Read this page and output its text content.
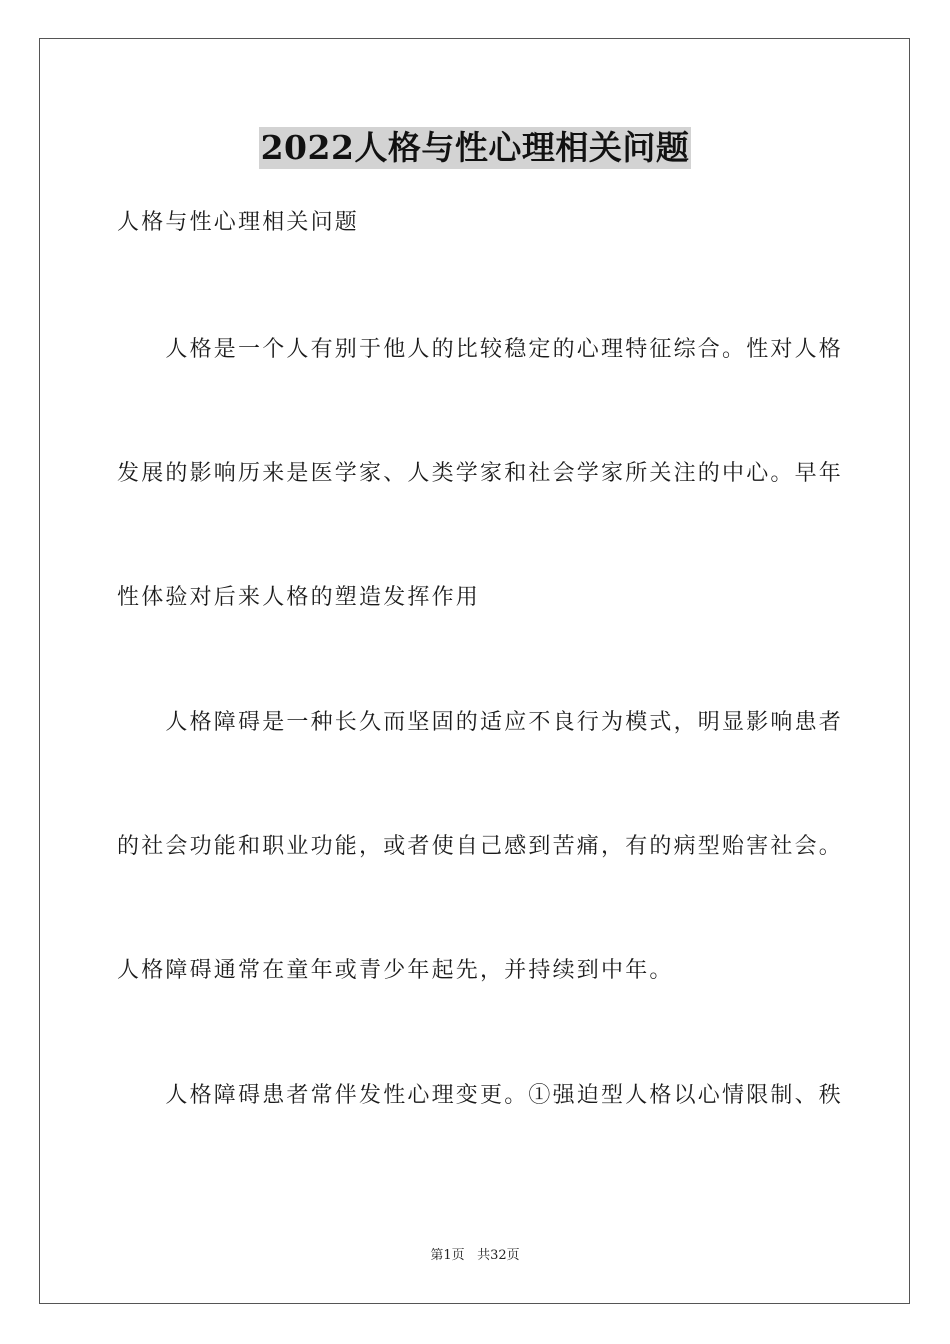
2022人格与性心理相关问题
人格与性心理相关问题
　　人格是一个人有别于他人的比较稳定的心理特征综合。性对人格
发展的影响历来是医学家、人类学家和社会学家所关注的中心。早年
性体验对后来人格的塑造发挥作用
　　人格障碍是一种长久而坚固的适应不良行为模式，明显影响患者
的社会功能和职业功能，或者使自己感到苦痛，有的病型贻害社会。
人格障碍通常在童年或青少年起先，并持续到中年。
　　人格障碍患者常伴发性心理变更。①强迫型人格以心情限制、秩
第1页 共32页
